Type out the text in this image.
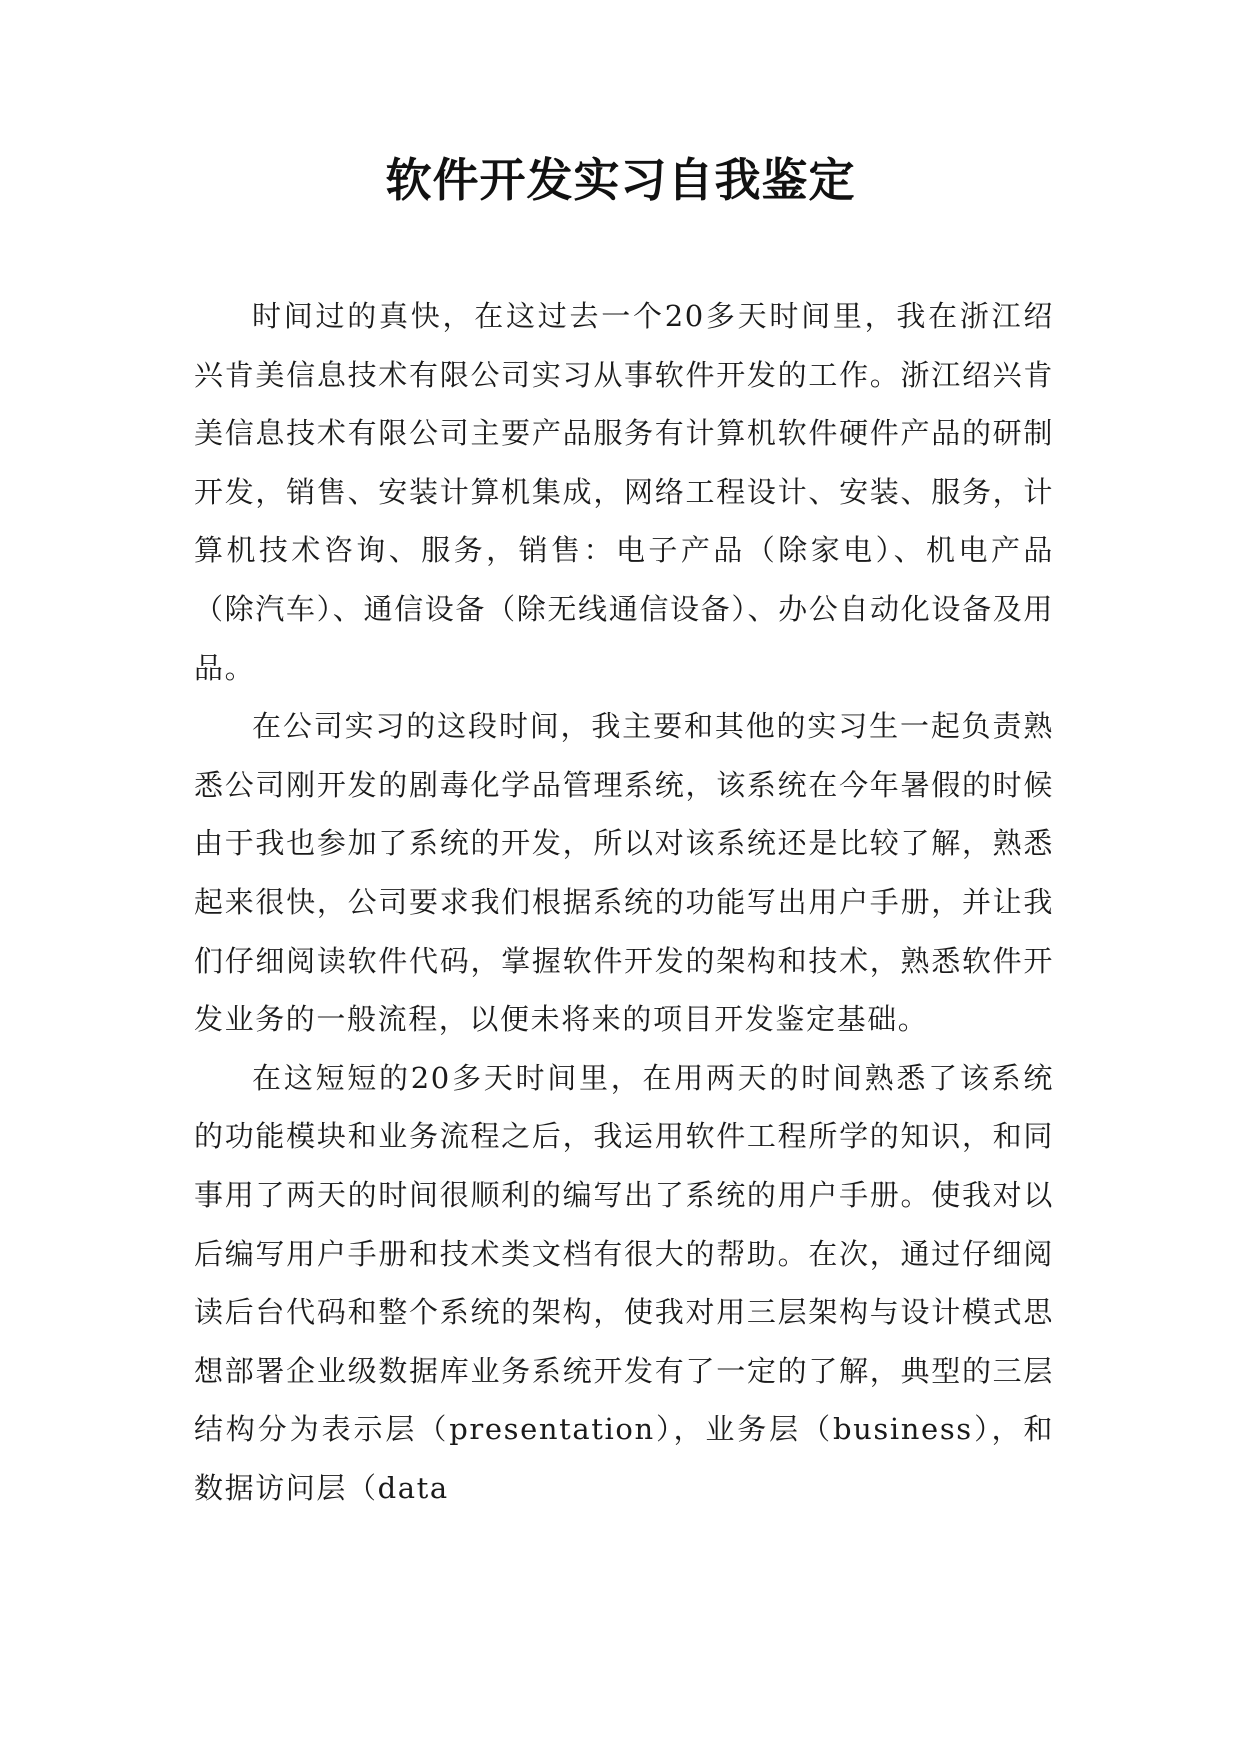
软件开发实习自我鉴定

时间过的真快，在这过去一个20多天时间里，我在浙江绍兴肯美信息技术有限公司实习从事软件开发的工作。浙江绍兴肯美信息技术有限公司主要产品服务有计算机软件硬件产品的研制开发，销售、安装计算机集成，网络工程设计、安装、服务，计算机技术咨询、服务，销售：电子产品（除家电）、机电产品（除汽车）、通信设备（除无线通信设备）、办公自动化设备及用品。

在公司实习的这段时间，我主要和其他的实习生一起负责熟悉公司刚开发的剧毒化学品管理系统，该系统在今年暑假的时候由于我也参加了系统的开发，所以对该系统还是比较了解，熟悉起来很快，公司要求我们根据系统的功能写出用户手册，并让我们仔细阅读软件代码，掌握软件开发的架构和技术，熟悉软件开发业务的一般流程，以便未将来的项目开发鉴定基础。

在这短短的20多天时间里，在用两天的时间熟悉了该系统的功能模块和业务流程之后，我运用软件工程所学的知识，和同事用了两天的时间很顺利的编写出了系统的用户手册。使我对以后编写用户手册和技术类文档有很大的帮助。在次，通过仔细阅读后台代码和整个系统的架构，使我对用三层架构与设计模式思想部署企业级数据库业务系统开发有了一定的了解，典型的三层结构分为表示层（presentation），业务层（business），和数据访问层（data
